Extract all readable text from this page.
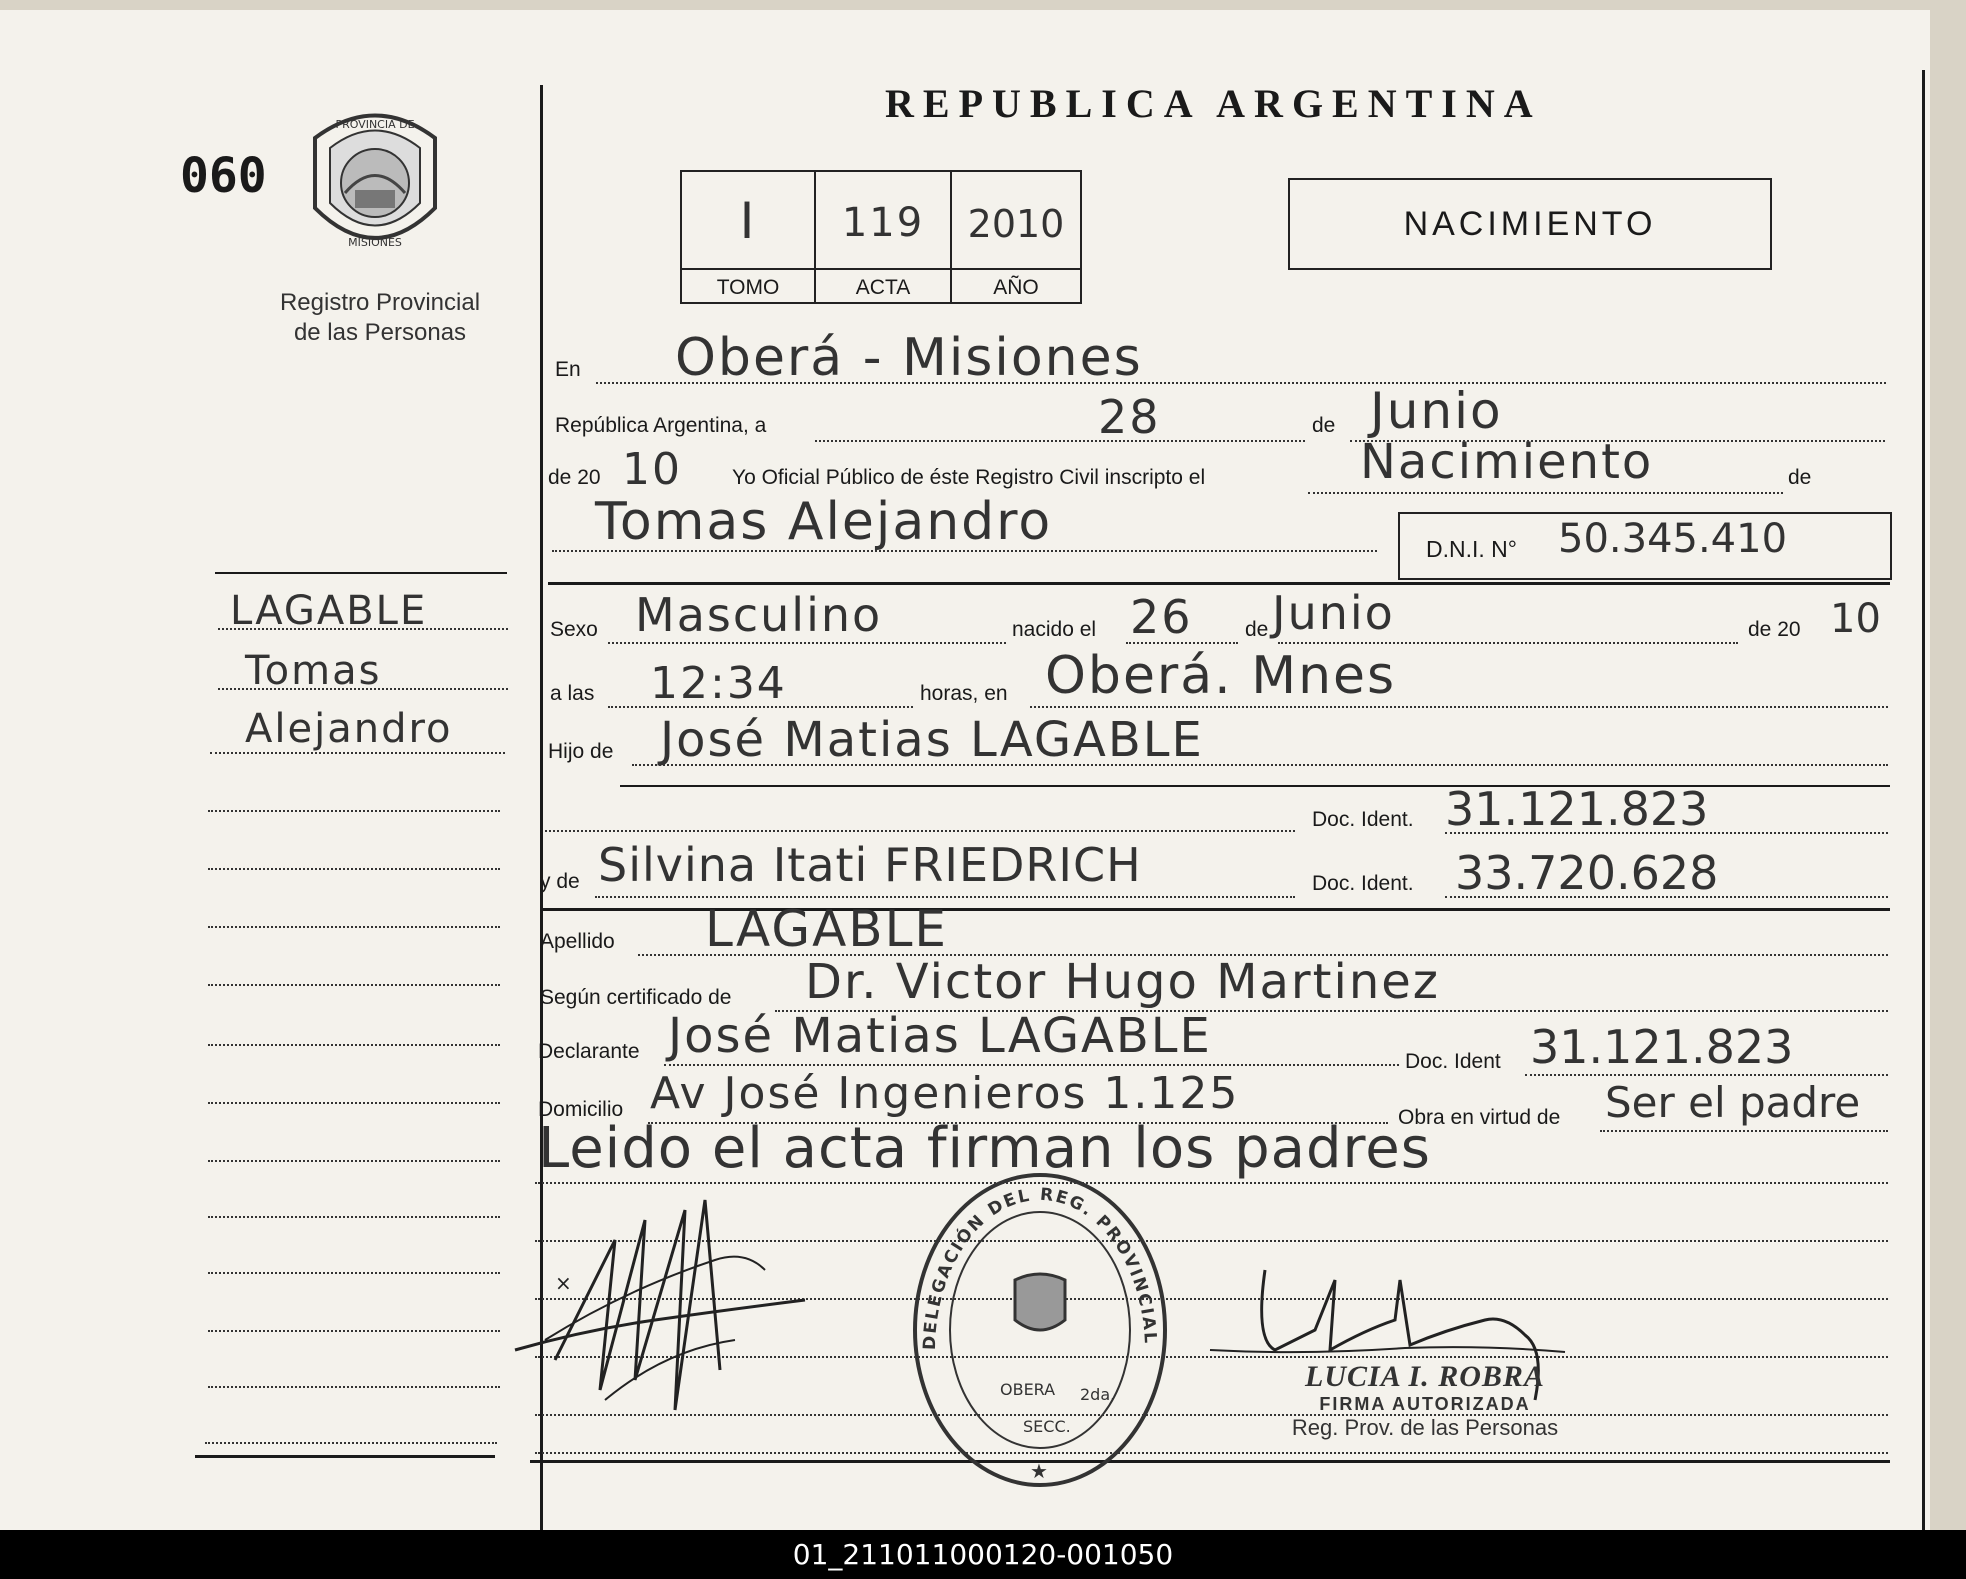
060
PROVINCIA DE
MISIONES
Registro Provincial
de las Personas
LAGABLE
Tomas
Alejandro
REPUBLICA ARGENTINA
I	119	2010
TOMO	ACTA	AÑO
NACIMIENTO
En Oberá - Misiones
República Argentina, a	28	de Junio
de 20 10 Yo Oficial Público de éste Registro Civil inscripto el	Nacimiento	de
Tomas Alejandro	D.N.I. N° 50.345.410
Sexo Masculino	nacido el 26 de Junio	de 20 10
a las 12:34	horas, en Oberá. Mnes
Hijo de José Matias LAGABLE
Doc. Ident. 31.121.823
y de Silvina Itati FRIEDRICH	Doc. Ident. 33.720.628
Apellido LAGABLE
Según certificado de Dr. Victor Hugo Martinez
Declarante José Matias LAGABLE	Doc. Ident 31.121.823
Domicilio Av José Ingenieros 1.125	Obra en virtud de Ser el padre
Leido el acta firman los padres
×
DELEGACIÓN DEL REG. PROVINCIAL
OBERA
SECC.
2da.
★
LUCIA I. ROBRA
FIRMA AUTORIZADA
Reg. Prov. de las Personas
01_211011000120-001050
